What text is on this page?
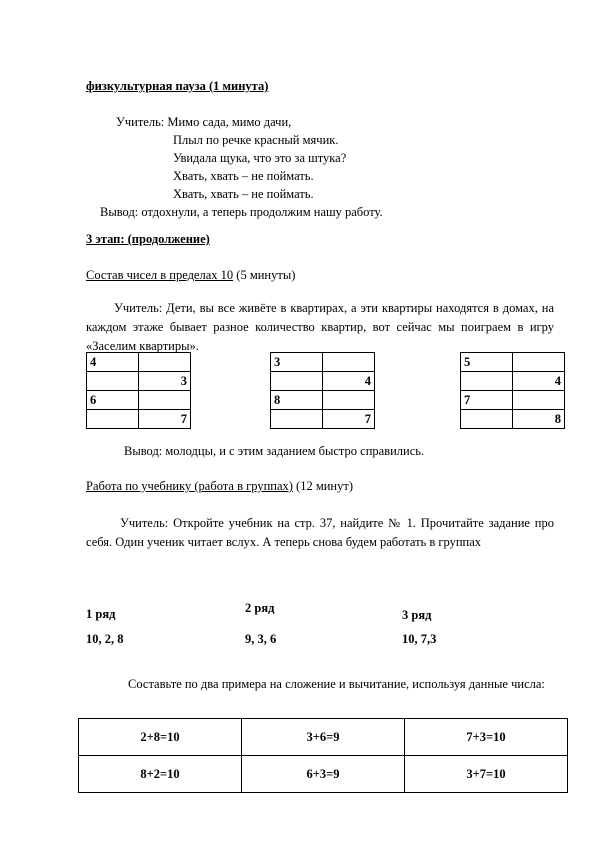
физкультурная пауза (1 минута)
Учитель: Мимо сада, мимо дачи,
Плыл по речке красный мячик.
Увидала щука, что это за штука?
Хвать, хвать – не поймать.
Хвать, хвать – не поймать.
Вывод: отдохнули, а теперь продолжим нашу работу.
3 этап: (продолжение)
Состав чисел в пределах 10 (5 минуты)
Учитель: Дети, вы все живёте в квартирах, а эти квартиры находятся в домах, на каждом этаже бывает разное количество квартир, вот сейчас мы поиграем в игру «Заселим квартиры».
4	
	3
6	
	7
3	
	4
8	
	7
5	
	4
7	
	8
Вывод: молодцы, и с этим заданием быстро справились.
Работа по учебнику (работа в группах) (12 минут)
Учитель: Откройте учебник на стр. 37, найдите № 1. Прочитайте задание про себя. Один ученик читает вслух. А теперь снова будем работать в группах
1 ряд	2 ряд	3 ряд
10, 2, 8	9, 3, 6	10, 7,3
Составьте по два примера на сложение и вычитание, используя данные числа:
2+8=10	3+6=9	7+3=10
8+2=10	6+3=9	3+7=10
